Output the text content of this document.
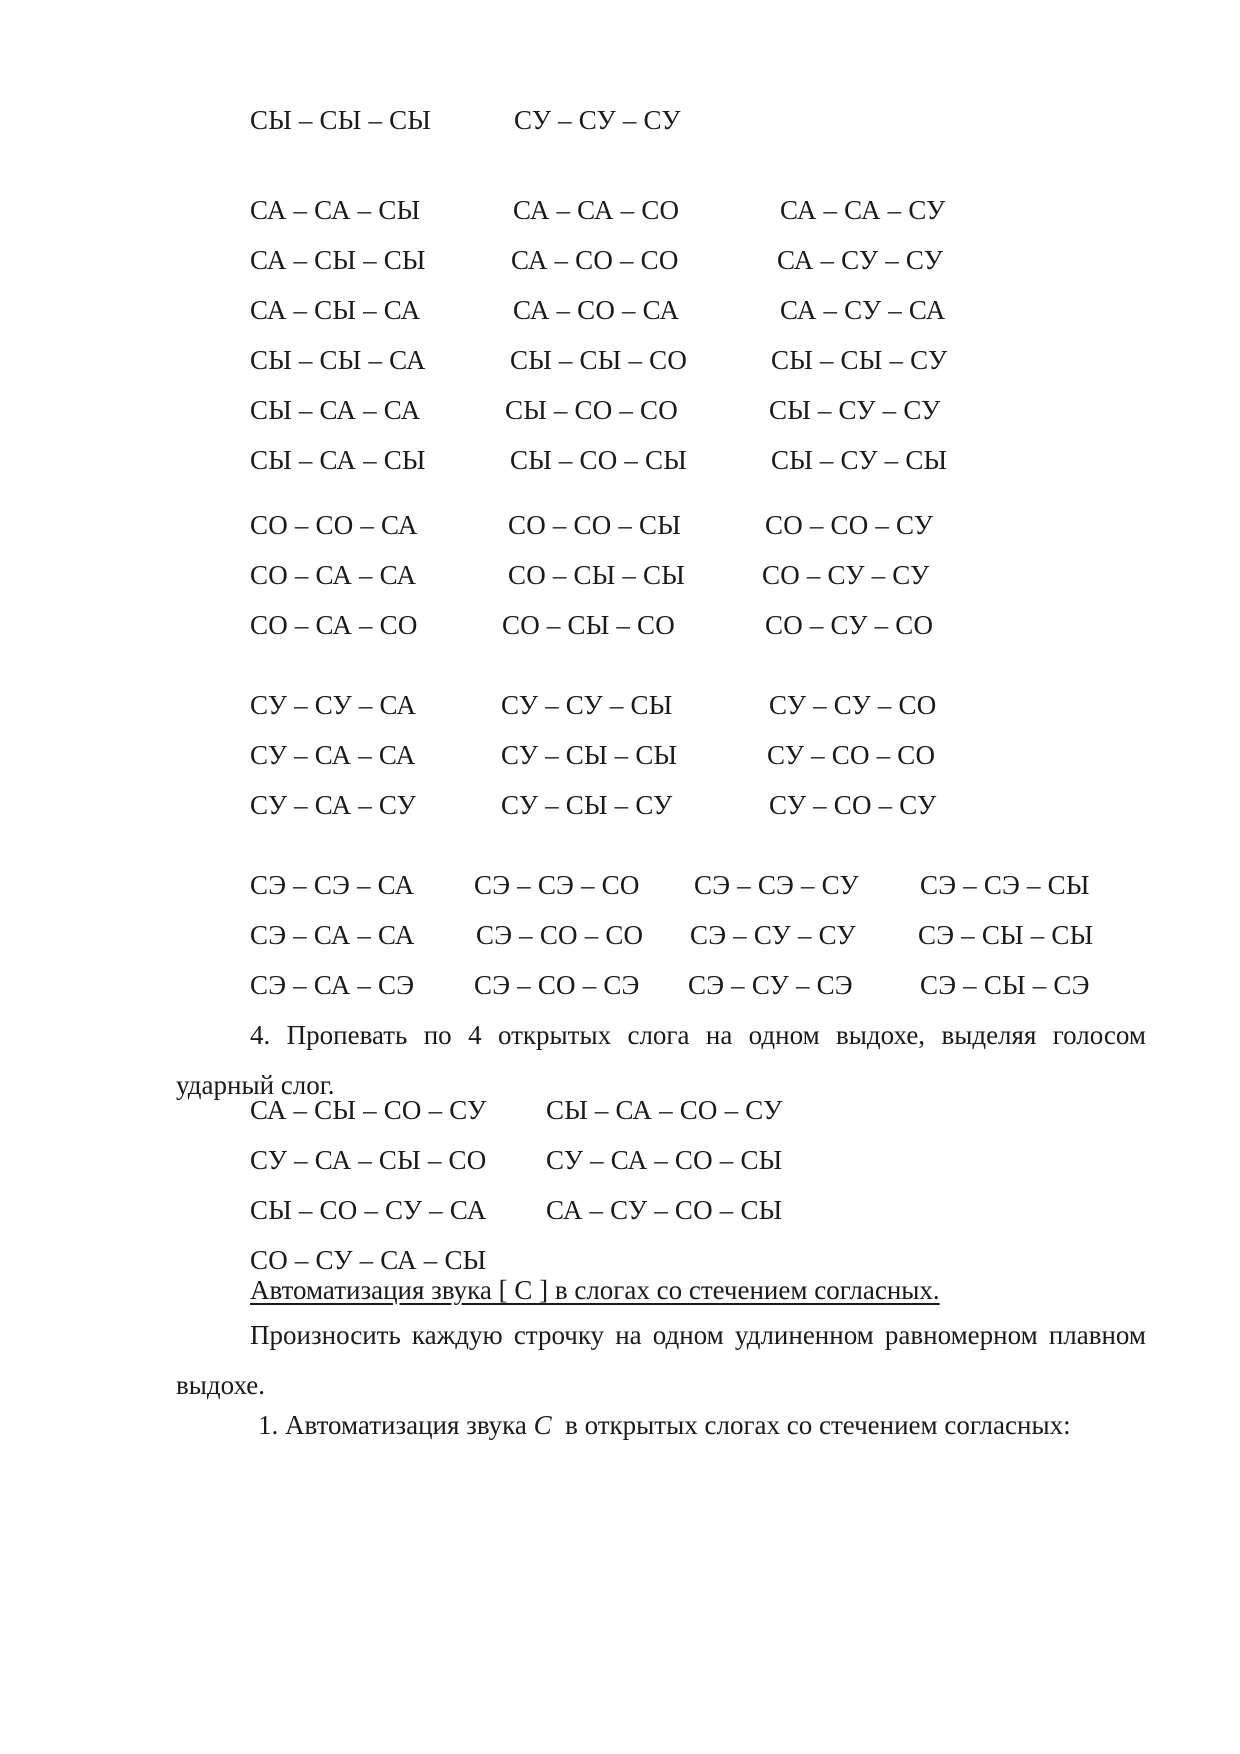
СЫ – СЫ – СЫ	СУ – СУ – СУ
СА – СА – СЫ	СА – СА – СО	СА – СА – СУ
СА – СЫ – СЫ	СА – СО – СО	СА – СУ – СУ
СА – СЫ – СА	СА – СО – СА	СА – СУ – СА
СЫ – СЫ – СА	СЫ – СЫ – СО	СЫ – СЫ – СУ
СЫ – СА – СА	СЫ – СО – СО	СЫ – СУ – СУ
СЫ – СА – СЫ	СЫ – СО – СЫ	СЫ – СУ – СЫ
СО – СО – СА	СО – СО – СЫ	СО – СО – СУ
СО – СА – СА	СО – СЫ – СЫ	СО – СУ – СУ
СО – СА – СО	СО – СЫ – СО	СО – СУ – СО
СУ – СУ – СА	СУ – СУ – СЫ	СУ – СУ – СО
СУ – СА – СА	СУ – СЫ – СЫ	СУ – СО – СО
СУ – СА – СУ	СУ – СЫ – СУ	СУ – СО – СУ
СЭ – СЭ – СА СЭ – СЭ – СО СЭ – СЭ – СУ СЭ – СЭ – СЫ
СЭ – СА – СА СЭ – СО – СО СЭ – СУ – СУ СЭ – СЫ – СЫ
СЭ – СА – СЭ СЭ – СО – СЭ СЭ – СУ – СЭ СЭ – СЫ – СЭ

4. Пропевать по 4 открытых слога на одном выдохе, выделяя голосом ударный слог.

СА – СЫ – СО – СУ СЫ – СА – СО – СУ
СУ – СА – СЫ – СО СУ – СА – СО – СЫ
СЫ – СО – СУ – СА СА – СУ – СО – СЫ
СО – СУ – СА – СЫ
Автоматизация звука [ С ] в слогах со стечением согласных.

Произносить каждую строчку на одном удлиненном равномерном плавном выдохе.

1. Автоматизация звука С в открытых слогах со стечением согласных:
